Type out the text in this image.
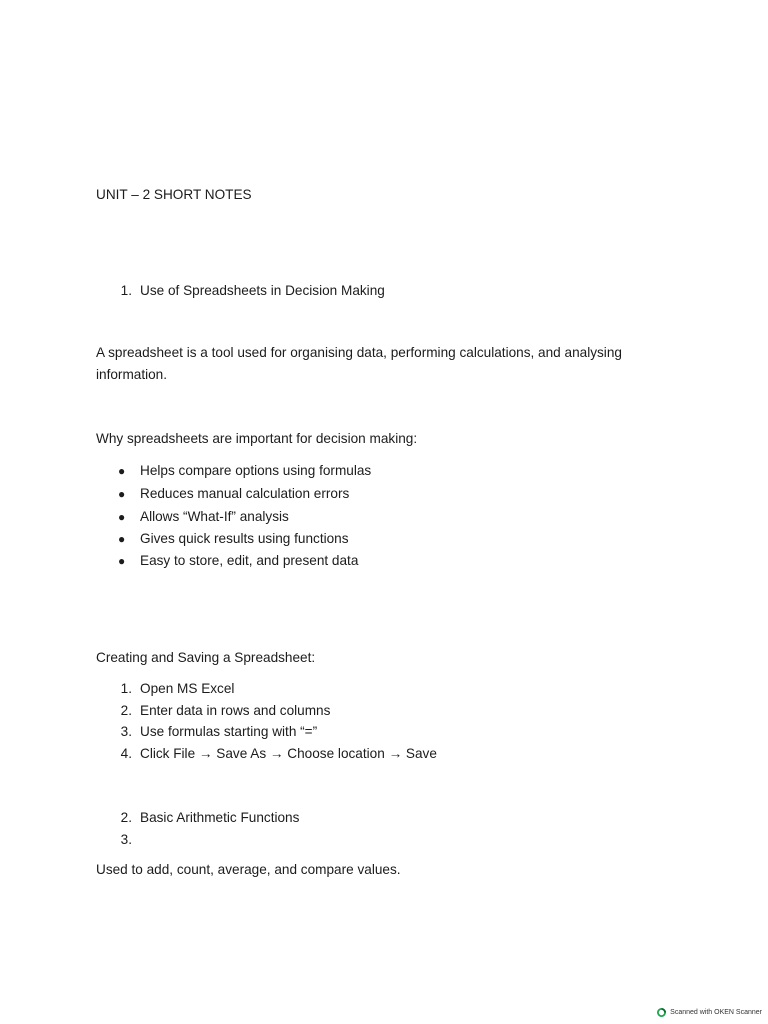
UNIT – 2 SHORT NOTES
1. Use of Spreadsheets in Decision Making
A spreadsheet is a tool used for organising data, performing calculations, and analysing information.
Why spreadsheets are important for decision making:
● Helps compare options using formulas
● Reduces manual calculation errors
● Allows “What-If” analysis
● Gives quick results using functions
● Easy to store, edit, and present data
Creating and Saving a Spreadsheet:
1. Open MS Excel
2. Enter data in rows and columns
3. Use formulas starting with “=”
4. Click File → Save As → Choose location → Save
2. Basic Arithmetic Functions
3.
Used to add, count, average, and compare values.
Scanned with OKEN Scanner
